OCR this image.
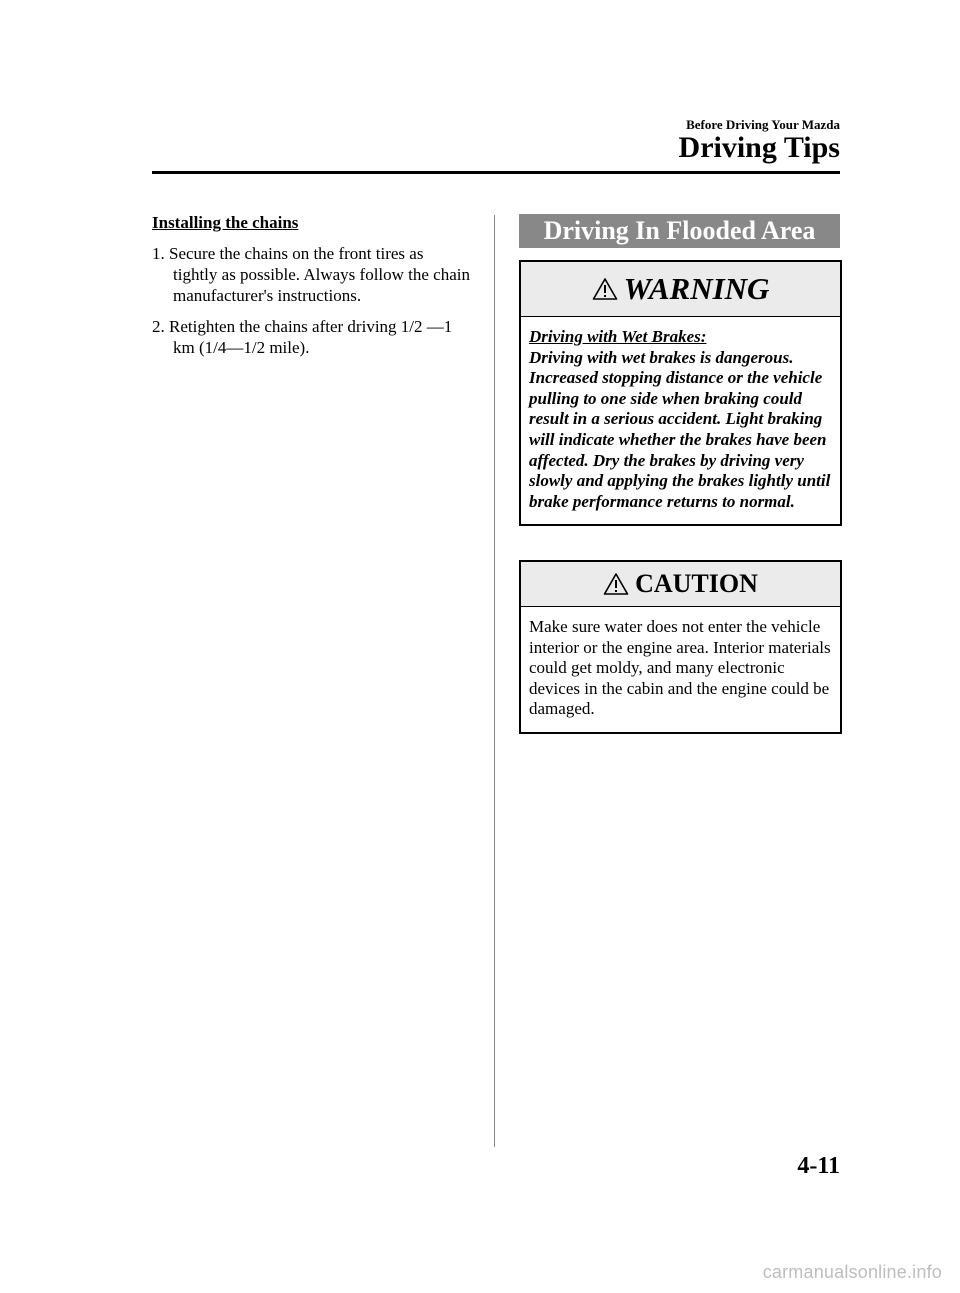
Before Driving Your Mazda
Driving Tips

Installing the chains

1. Secure the chains on the front tires as tightly as possible. Always follow the chain manufacturer's instructions.

2. Retighten the chains after driving 1/2 ―1 km (1/4―1/2 mile).

Driving In Flooded Area
WARNING
Driving with Wet Brakes:
Driving with wet brakes is dangerous. Increased stopping distance or the vehicle pulling to one side when braking could result in a serious accident. Light braking will indicate whether the brakes have been affected. Dry the brakes by driving very slowly and applying the brakes lightly until brake performance returns to normal.
CAUTION
Make sure water does not enter the vehicle interior or the engine area. Interior materials could get moldy, and many electronic devices in the cabin and the engine could be damaged.
4-11
carmanualsonline.info
